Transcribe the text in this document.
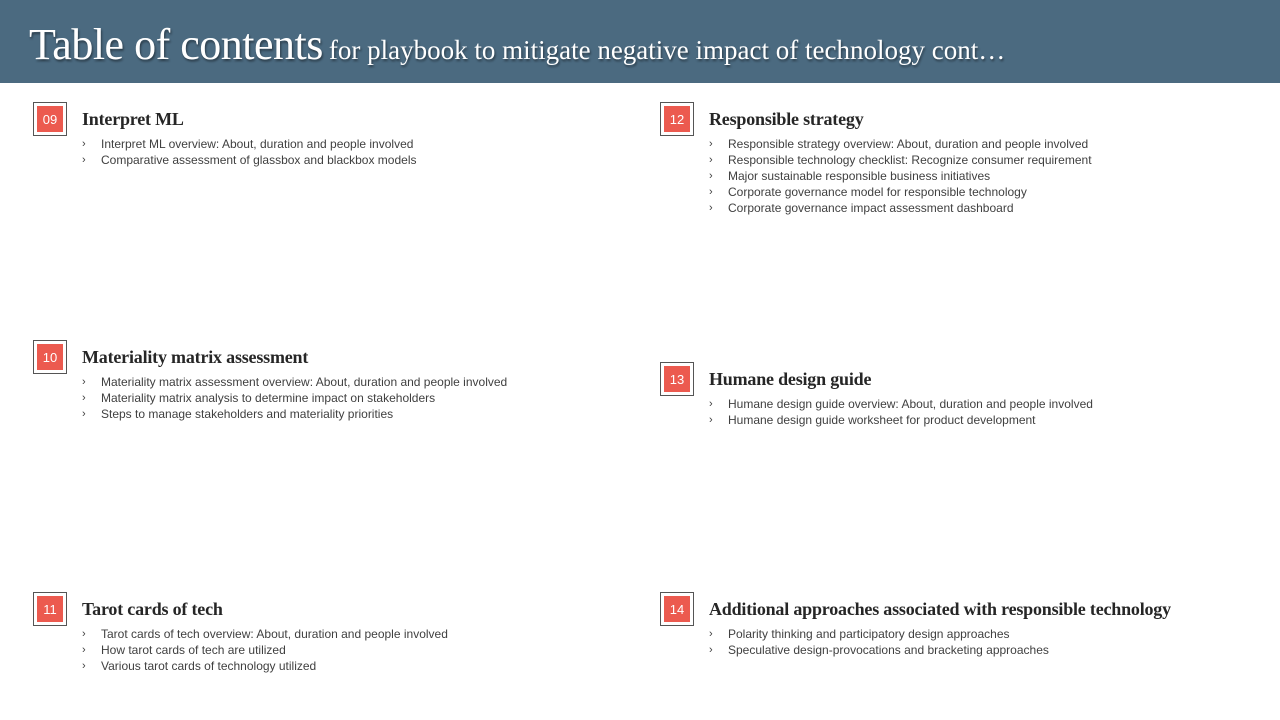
Table of contents for playbook to mitigate negative impact of technology cont…
09	Interpret ML
› Interpret ML overview: About, duration and people involved
› Comparative assessment of glassbox and blackbox models
10	Materiality matrix assessment
› Materiality matrix assessment overview: About, duration and people involved
› Materiality matrix analysis to determine impact on stakeholders
› Steps to manage stakeholders and materiality priorities
11	Tarot cards of tech
› Tarot cards of tech overview: About, duration and people involved
› How tarot cards of tech are utilized
› Various tarot cards of technology utilized
12	Responsible strategy
› Responsible strategy overview: About, duration and people involved
› Responsible technology checklist: Recognize consumer requirement
› Major sustainable responsible business initiatives
› Corporate governance model for responsible technology
› Corporate governance impact assessment dashboard
13	Humane design guide
› Humane design guide overview: About, duration and people involved
› Humane design guide worksheet for product development
14	Additional approaches associated with responsible technology
› Polarity thinking and participatory design approaches
› Speculative design-provocations and bracketing approaches
